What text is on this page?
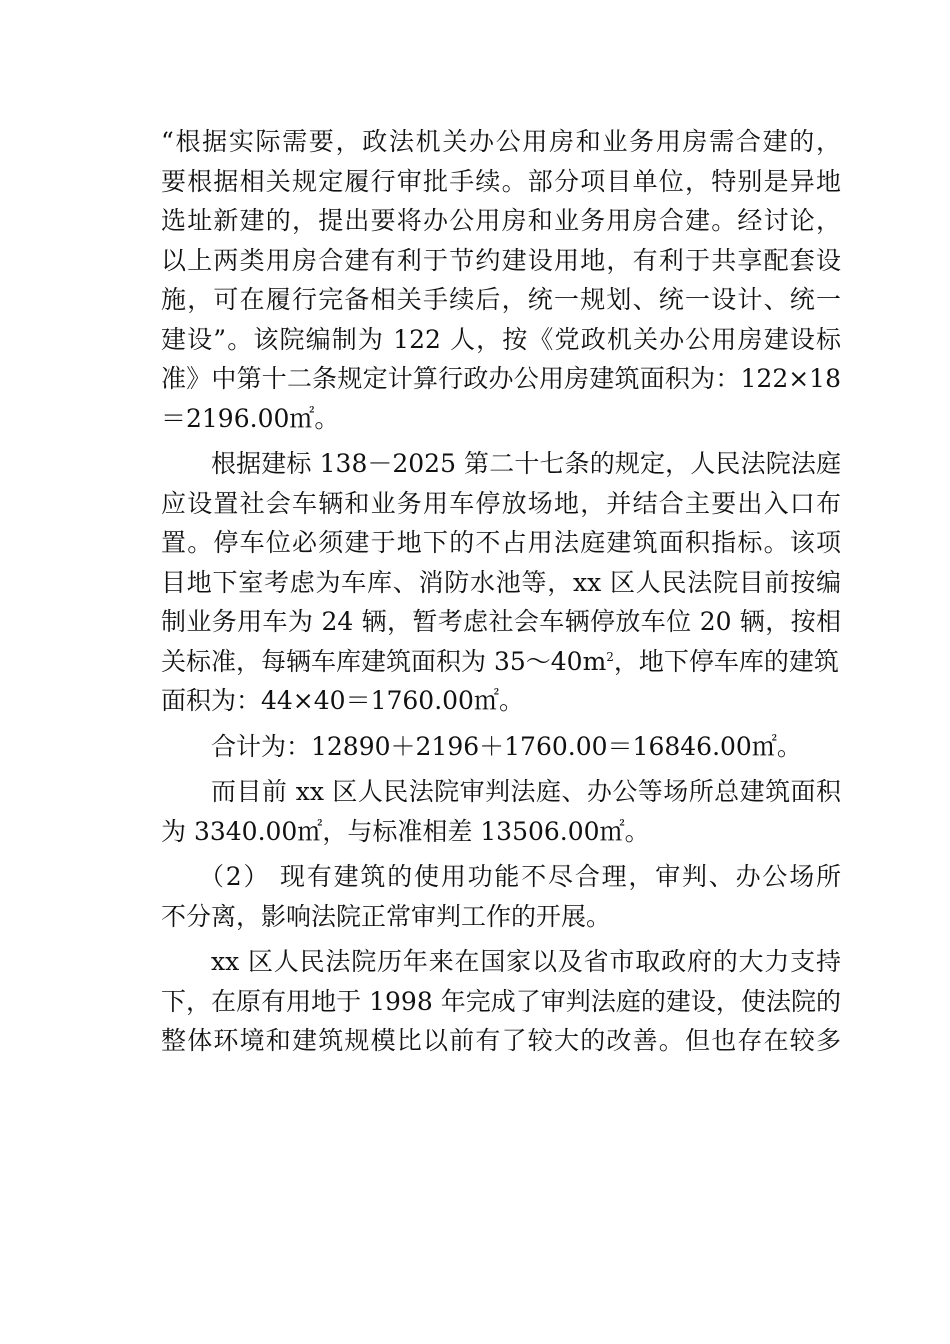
“根据实际需要，政法机关办公用房和业务用房需合建的，
要根据相关规定履行审批手续。部分项目单位，特别是异地
选址新建的，提出要将办公用房和业务用房合建。经讨论，
以上两类用房合建有利于节约建设用地，有利于共享配套设
施，可在履行完备相关手续后，统一规划、统一设计、统一
建设”。该院编制为 122 人，按《党政机关办公用房建设标
准》中第十二条规定计算行政办公用房建筑面积为：122×18
＝2196.00㎡。
根据建标 138－2025 第二十七条的规定，人民法院法庭
应设置社会车辆和业务用车停放场地，并结合主要出入口布
置。停车位必须建于地下的不占用法庭建筑面积指标。该项
目地下室考虑为车库、消防水池等，xx 区人民法院目前按编
制业务用车为 24 辆，暂考虑社会车辆停放车位 20 辆，按相
关标准，每辆车库建筑面积为 $35\sim 40m^2$，地下停车库的建筑
面积为：44×40＝1760.00㎡。
合计为：12890＋2196＋1760.00＝16846.00㎡。
而目前 xx 区人民法院审判法庭、办公等场所总建筑面积
为 3340.00㎡，与标准相差 13506.00㎡。
（2） 现有建筑的使用功能不尽合理，审判、办公场所
不分离，影响法院正常审判工作的开展。
xx 区人民法院历年来在国家以及省市取政府的大力支持
下，在原有用地于 1998 年完成了审判法庭的建设，使法院的
整体环境和建筑规模比以前有了较大的改善。但也存在较多
